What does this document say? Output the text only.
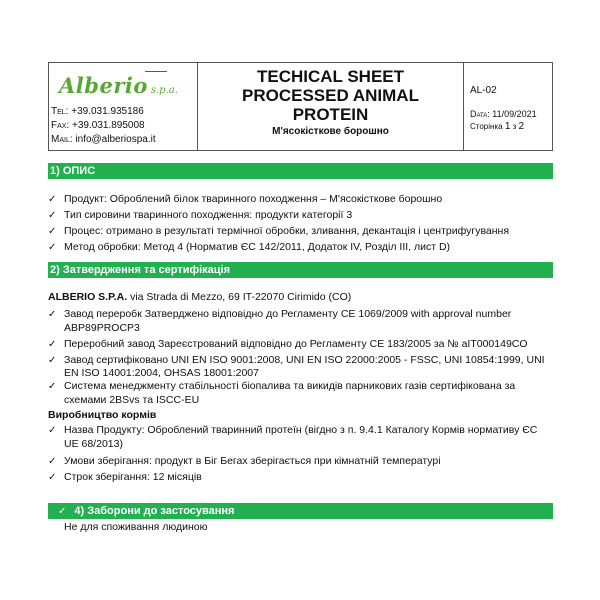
Alberio s.p.a.
Tel: +39.031.935186
Fax: +39.031.895008
Mail: info@alberiospa.it
TECHICAL SHEET
PROCESSED ANIMAL
PROTEIN
М'ясокісткове борошно
AL-02
Data: 11/09/2021
Сторінка 1 з 2
1) ОПИС
✓ Продукт: Оброблений білок тваринного походження – М'ясокісткове борошно
✓ Тип сировини тваринного походження: продукти категорії 3
✓ Процес: отримано в результаті термічної обробки, зливання, декантація і центрифугування
✓ Метод обробки: Метод 4 (Норматив ЄС 142/2011, Додаток IV, Розділ III, лист D)
2) Затвердження та сертифікація
ALBERIO S.P.A. via Strada di Mezzo, 69 IT-22070 Cirimido (CO)
✓ Завод переробк Затверджено відповідно до Регламенту CE 1069/2009 with approval number
ABP89PROCP3
✓ Переробний завод Зареєстрований відповідно до Регламенту CE 183/2005 за № aIT000149CO
✓ Завод сертифіковано UNI EN ISO 9001:2008, UNI EN ISO 22000:2005 - FSSC, UNI 10854:1999, UNI
EN ISO 14001:2004, OHSAS 18001:2007
✓ Система менеджменту стабільності біопалива та викидів парникових газів сертифікована за
схемами 2BSvs та ISCC-EU
Виробництво кормів
✓ Назва Продукту: Оброблений тваринний протеїн (вігдно з п. 9.4.1 Каталогу Кормів нормативу ЄС
UE 68/2013)
✓ Умови зберігання: продукт в Біг Бегах зберігається при кімнатній температурі
✓ Строк зберігання: 12 місяців
✓ 4) Заборони до застосування
Не для споживання людиною
